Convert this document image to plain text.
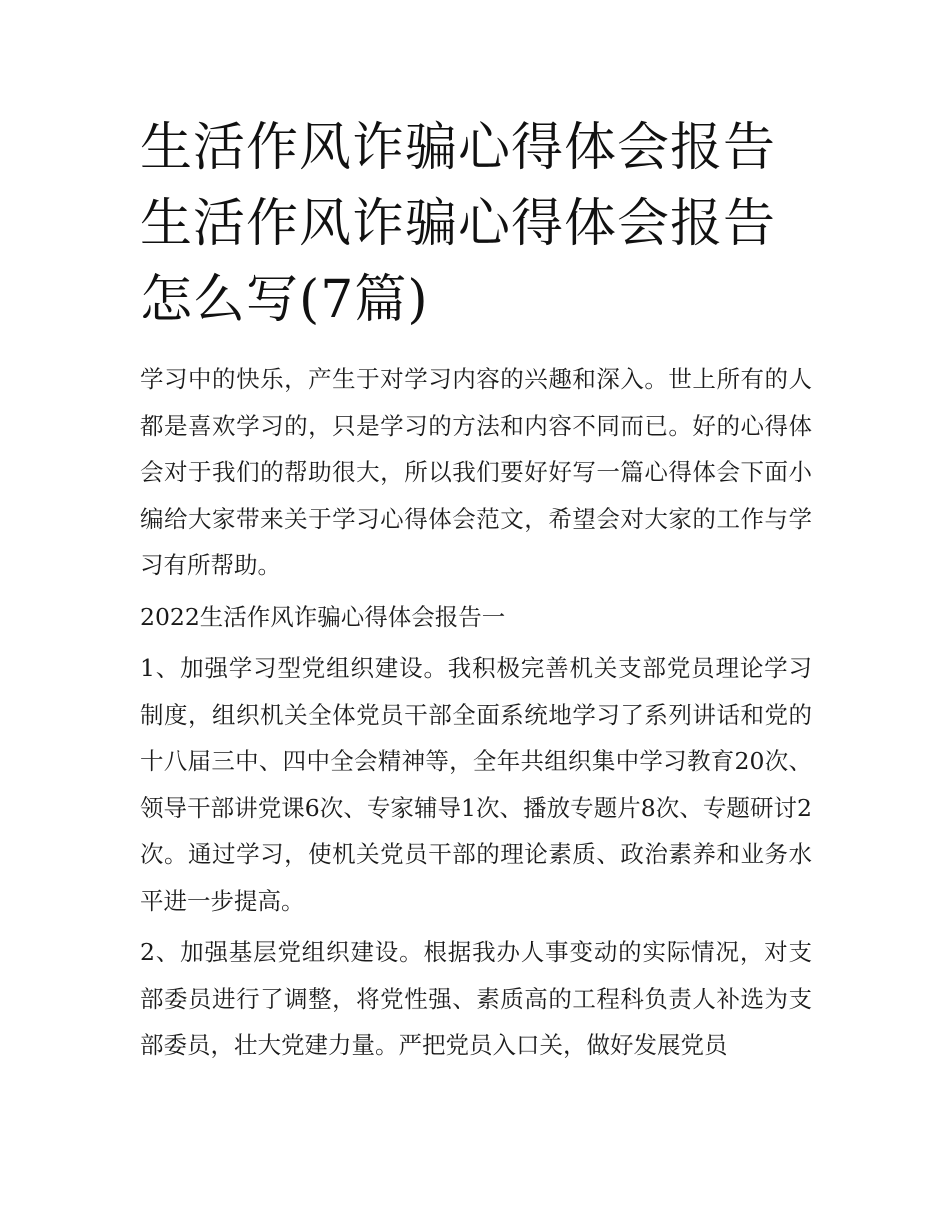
生活作风诈骗心得体会报告 生活作风诈骗心得体会报告怎么写(7篇)

学习中的快乐，产生于对学习内容的兴趣和深入。世上所有的人都是喜欢学习的，只是学习的方法和内容不同而已。好的心得体会对于我们的帮助很大，所以我们要好好写一篇心得体会下面小编给大家带来关于学习心得体会范文，希望会对大家的工作与学习有所帮助。

2022生活作风诈骗心得体会报告一

1、加强学习型党组织建设。我积极完善机关支部党员理论学习制度，组织机关全体党员干部全面系统地学习了系列讲话和党的十八届三中、四中全会精神等，全年共组织集中学习教育20次、领导干部讲党课6次、专家辅导1次、播放专题片8次、专题研讨2次。通过学习，使机关党员干部的理论素质、政治素养和业务水平进一步提高。

2、加强基层党组织建设。根据我办人事变动的实际情况，对支部委员进行了调整，将党性强、素质高的工程科负责人补选为支部委员，壮大党建力量。严把党员入口关，做好发展党员
